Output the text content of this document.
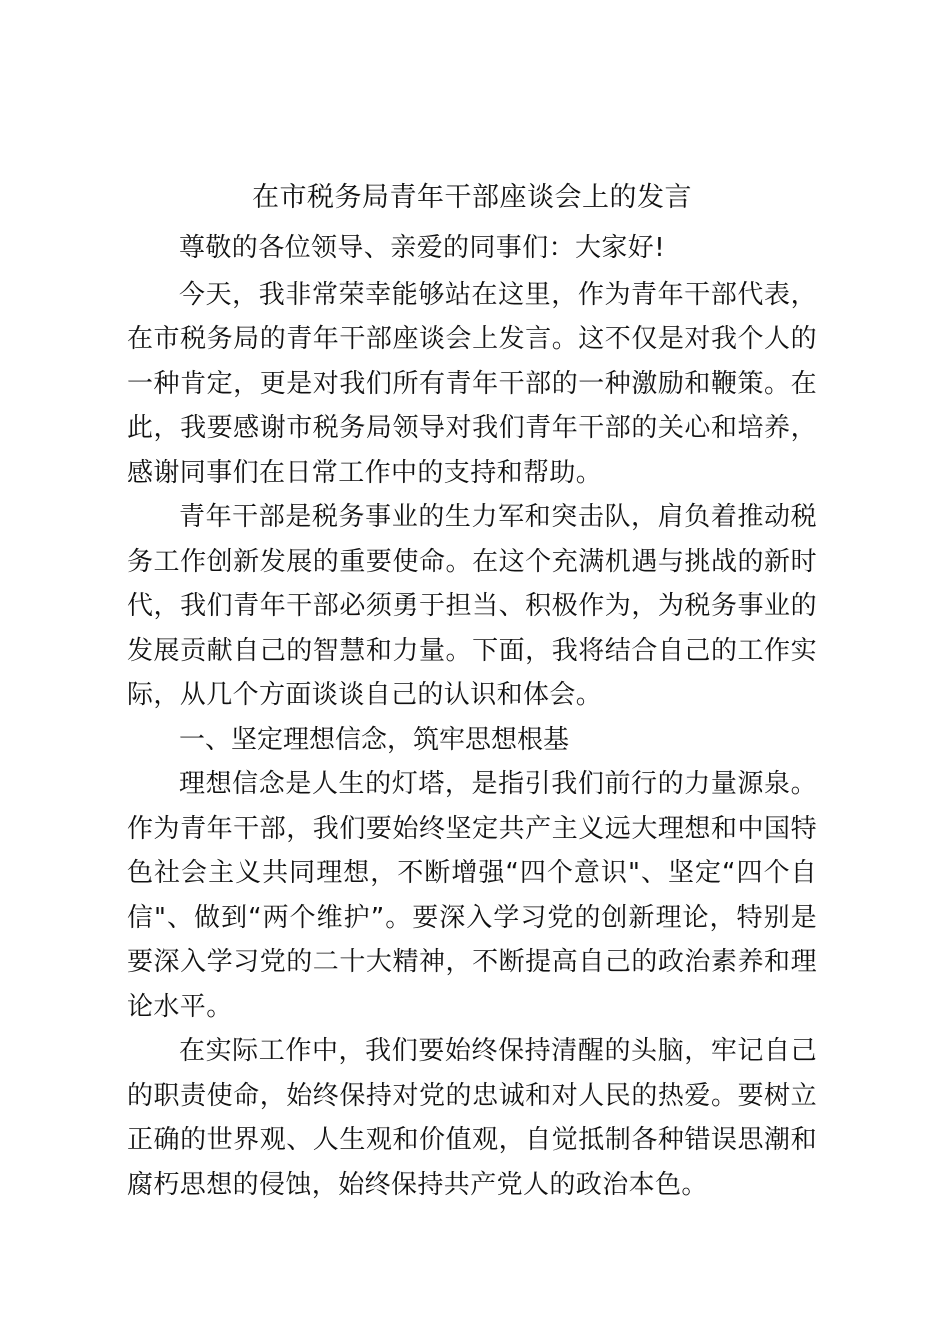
在市税务局青年干部座谈会上的发言

尊敬的各位领导、亲爱的同事们：大家好!

今天，我非常荣幸能够站在这里，作为青年干部代表，在市税务局的青年干部座谈会上发言。这不仅是对我个人的一种肯定，更是对我们所有青年干部的一种激励和鞭策。在此，我要感谢市税务局领导对我们青年干部的关心和培养，感谢同事们在日常工作中的支持和帮助。

青年干部是税务事业的生力军和突击队，肩负着推动税务工作创新发展的重要使命。在这个充满机遇与挑战的新时代，我们青年干部必须勇于担当、积极作为，为税务事业的发展贡献自己的智慧和力量。下面，我将结合自己的工作实际，从几个方面谈谈自己的认识和体会。

一、坚定理想信念，筑牢思想根基

理想信念是人生的灯塔，是指引我们前行的力量源泉。作为青年干部，我们要始终坚定共产主义远大理想和中国特色社会主义共同理想，不断增强“四个意识"、坚定“四个自信"、做到“两个维护”。要深入学习党的创新理论，特别是要深入学习党的二十大精神，不断提高自己的政治素养和理论水平。

在实际工作中，我们要始终保持清醒的头脑，牢记自己的职责使命，始终保持对党的忠诚和对人民的热爱。要树立正确的世界观、人生观和价值观，自觉抵制各种错误思潮和腐朽思想的侵蚀，始终保持共产党人的政治本色。
